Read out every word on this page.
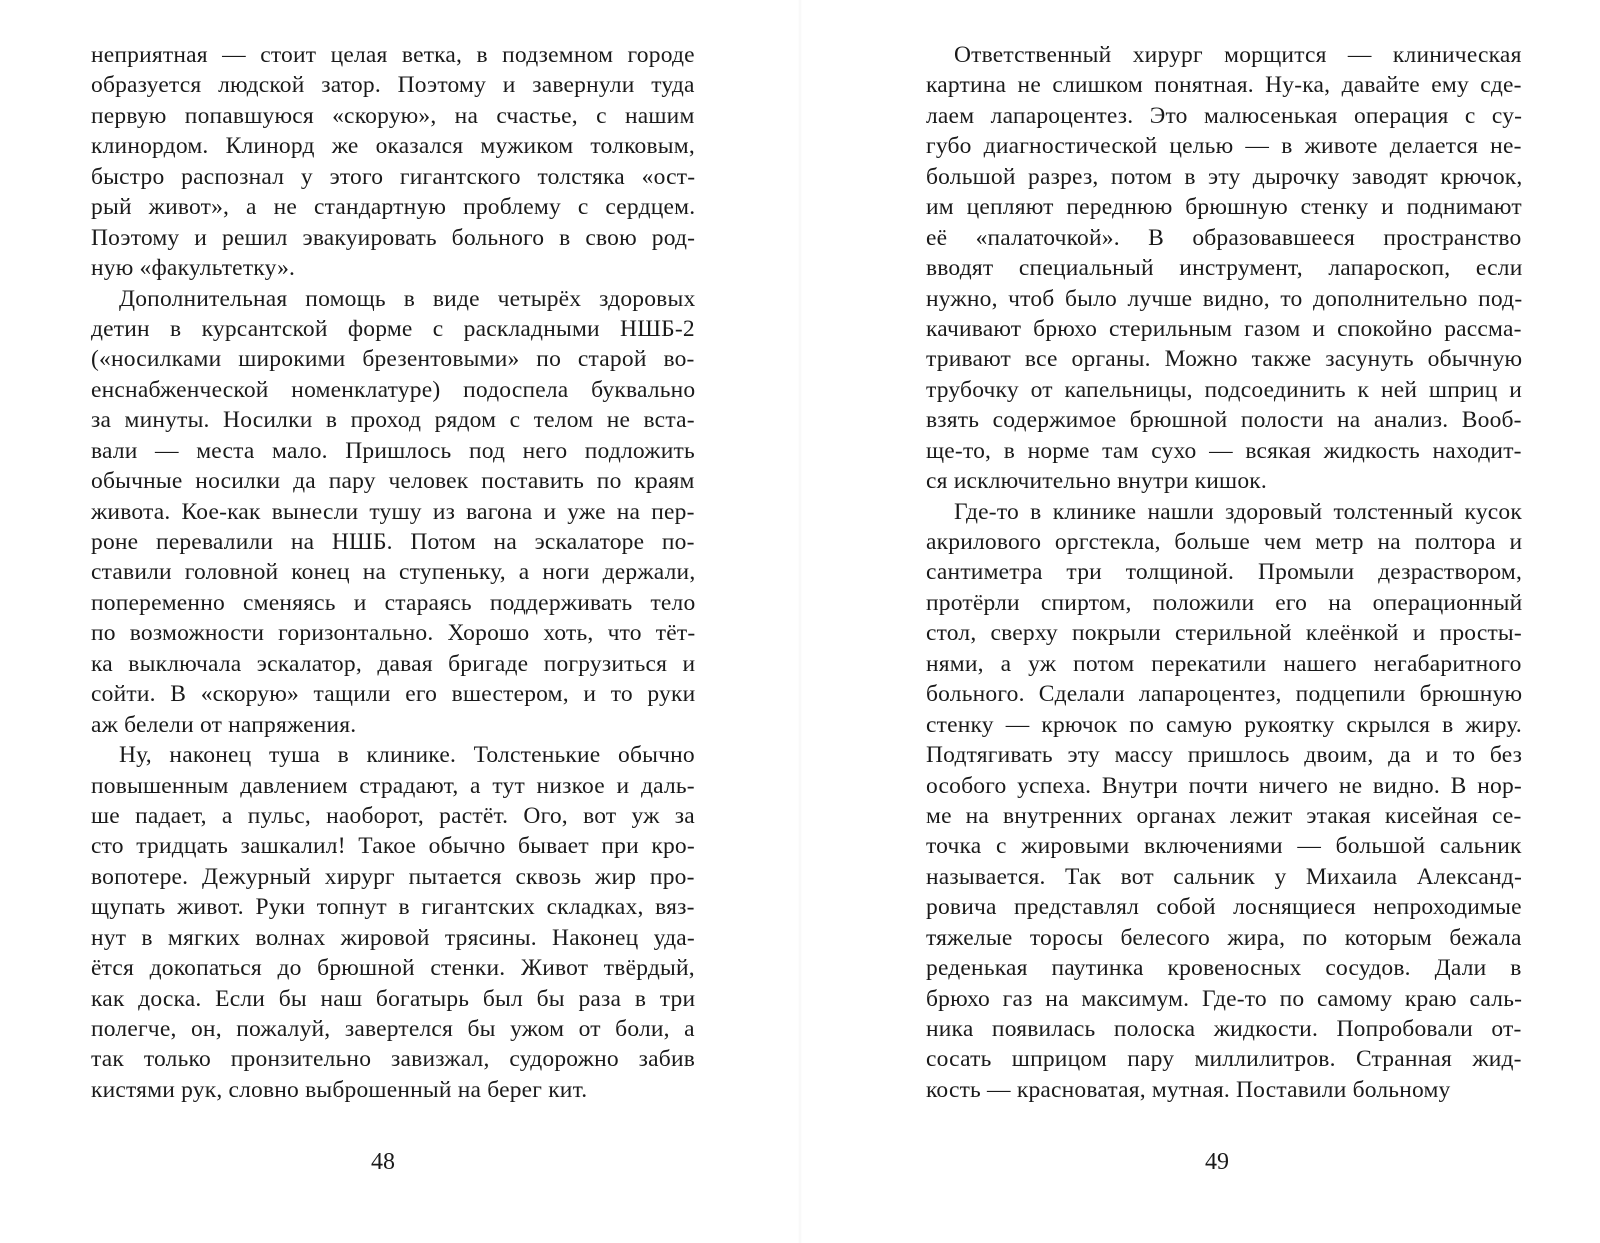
неприятная — стоит целая ветка, в подземном городе
образуется людской затор. Поэтому и завернули туда
первую попавшуюся «скорую», на счастье, с нашим
клинордом. Клинорд же оказался мужиком толковым,
быстро распознал у этого гигантского толстяка «ост-
рый живот», а не стандартную проблему с сердцем.
Поэтому и решил эвакуировать больного в свою род-
ную «факультетку».
Дополнительная помощь в виде четырёх здоровых
детин в курсантской форме с раскладными НШБ-2
(«носилками широкими брезентовыми» по старой во-
енснабженческой номенклатуре) подоспела буквально
за минуты. Носилки в проход рядом с телом не вста-
вали — места мало. Пришлось под него подложить
обычные носилки да пару человек поставить по краям
живота. Кое-как вынесли тушу из вагона и уже на пер-
роне перевалили на НШБ. Потом на эскалаторе по-
ставили головной конец на ступеньку, а ноги держали,
попеременно сменяясь и стараясь поддерживать тело
по возможности горизонтально. Хорошо хоть, что тёт-
ка выключала эскалатор, давая бригаде погрузиться и
сойти. В «скорую» тащили его вшестером, и то руки
аж белели от напряжения.
Ну, наконец туша в клинике. Толстенькие обычно
повышенным давлением страдают, а тут низкое и даль-
ше падает, а пульс, наоборот, растёт. Ого, вот уж за
сто тридцать зашкалил! Такое обычно бывает при кро-
вопотере. Дежурный хирург пытается сквозь жир про-
щупать живот. Руки топнут в гигантских складках, вяз-
нут в мягких волнах жировой трясины. Наконец уда-
ётся докопаться до брюшной стенки. Живот твёрдый,
как доска. Если бы наш богатырь был бы раза в три
полегче, он, пожалуй, завертелся бы ужом от боли, а
так только пронзительно завизжал, судорожно забив
кистями рук, словно выброшенный на берег кит.
48
Ответственный хирург морщится — клиническая
картина не слишком понятная. Ну-ка, давайте ему сде-
лаем лапароцентез. Это малюсенькая операция с су-
губо диагностической целью — в животе делается не-
большой разрез, потом в эту дырочку заводят крючок,
им цепляют переднюю брюшную стенку и поднимают
её «палаточкой». В образовавшееся пространство
вводят специальный инструмент, лапароскоп, если
нужно, чтоб было лучше видно, то дополнительно под-
качивают брюхо стерильным газом и спокойно рассма-
тривают все органы. Можно также засунуть обычную
трубочку от капельницы, подсоединить к ней шприц и
взять содержимое брюшной полости на анализ. Вооб-
ще-то, в норме там сухо — всякая жидкость находит-
ся исключительно внутри кишок.
Где-то в клинике нашли здоровый толстенный кусок
акрилового оргстекла, больше чем метр на полтора и
сантиметра три толщиной. Промыли дезраствором,
протёрли спиртом, положили его на операционный
стол, сверху покрыли стерильной клеёнкой и просты-
нями, а уж потом перекатили нашего негабаритного
больного. Сделали лапароцентез, подцепили брюшную
стенку — крючок по самую рукоятку скрылся в жиру.
Подтягивать эту массу пришлось двоим, да и то без
особого успеха. Внутри почти ничего не видно. В нор-
ме на внутренних органах лежит этакая кисейная се-
точка с жировыми включениями — большой сальник
называется. Так вот сальник у Михаила Александ-
ровича представлял собой лоснящиеся непроходимые
тяжелые торосы белесого жира, по которым бежала
реденькая паутинка кровеносных сосудов. Дали в
брюхо газ на максимум. Где-то по самому краю саль-
ника появилась полоска жидкости. Попробовали от-
сосать шприцом пару миллилитров. Странная жид-
кость — красноватая, мутная. Поставили больному
49
